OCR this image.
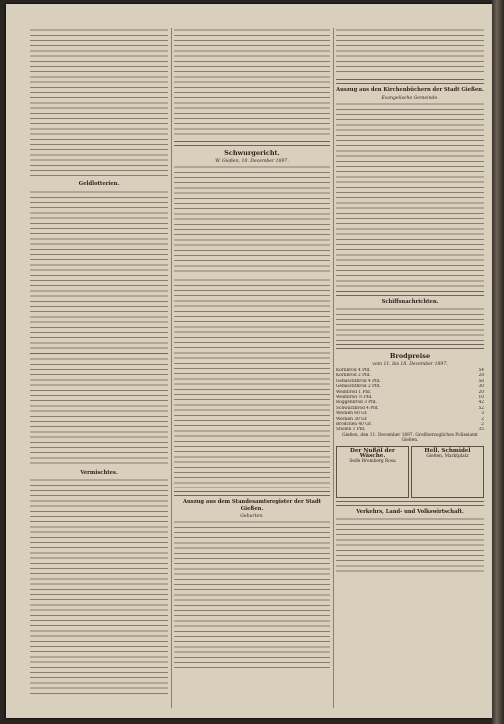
Geldlotterien.
Vermischtes.
Schwurgericht.
W. Gießen, 10. December 1897.
Auszug aus dem Standesamtsregister der Stadt Gießen.
Geburten.
Auszug aus den Kirchenbüchern der Stadt Gießen.
Evangelische Gemeinde.
Schiffsnachrichten.
Brodpreise
vom 11. bis 18. December 1897.
Kornbrod 4 Pfd.	54
Kornbrod 2 Pfd.	28
Gemischtbrod 4 Pfd.	58
Gemischtbrod 2 Pfd.	30
Weißbrod 1 Pfd.	20
Weißbrod ½ Pfd.	10
Roggenbrod 3 Pfd.	42
Schwarzbrod 4 Pfd.	52
Wecken 60 Gr.	3
Wecken 30 Gr.	2
Brödchen 40 Gr.	2
Stollen 1 Pfd.	35
Gießen, den 11. December 1897. Großherzogliches Polizeiamt Gießen.
Der Nußöl der Wäsche.
Seife Bromberg Rosa
Hell. Schmidel
Gießen, Marktplatz
Verkehrs, Land- und Volkswirtschaft.
